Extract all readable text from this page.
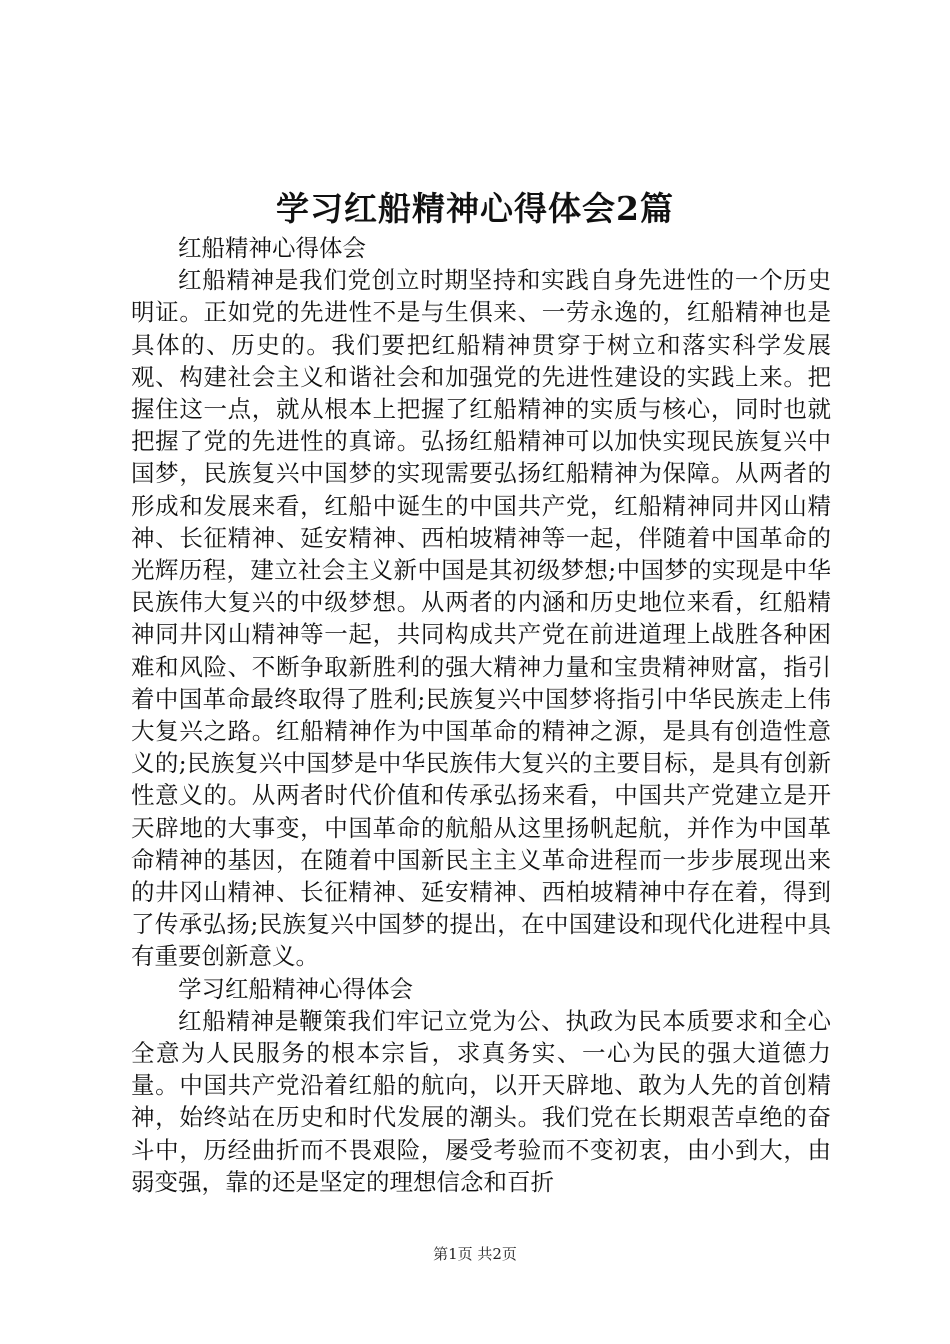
学习红船精神心得体会2篇

红船精神心得体会

红船精神是我们党创立时期坚持和实践自身先进性的一个历史明证。正如党的先进性不是与生俱来、一劳永逸的，红船精神也是具体的、历史的。我们要把红船精神贯穿于树立和落实科学发展观、构建社会主义和谐社会和加强党的先进性建设的实践上来。把握住这一点，就从根本上把握了红船精神的实质与核心，同时也就把握了党的先进性的真谛。弘扬红船精神可以加快实现民族复兴中国梦，民族复兴中国梦的实现需要弘扬红船精神为保障。从两者的形成和发展来看，红船中诞生的中国共产党，红船精神同井冈山精神、长征精神、延安精神、西柏坡精神等一起，伴随着中国革命的光辉历程，建立社会主义新中国是其初级梦想;中国梦的实现是中华民族伟大复兴的中级梦想。从两者的内涵和历史地位来看，红船精神同井冈山精神等一起，共同构成共产党在前进道理上战胜各种困难和风险、不断争取新胜利的强大精神力量和宝贵精神财富，指引着中国革命最终取得了胜利;民族复兴中国梦将指引中华民族走上伟大复兴之路。红船精神作为中国革命的精神之源，是具有创造性意义的;民族复兴中国梦是中华民族伟大复兴的主要目标，是具有创新性意义的。从两者时代价值和传承弘扬来看，中国共产党建立是开天辟地的大事变，中国革命的航船从这里扬帆起航，并作为中国革命精神的基因，在随着中国新民主主义革命进程而一步步展现出来的井冈山精神、长征精神、延安精神、西柏坡精神中存在着，得到了传承弘扬;民族复兴中国梦的提出，在中国建设和现代化进程中具有重要创新意义。

学习红船精神心得体会

红船精神是鞭策我们牢记立党为公、执政为民本质要求和全心全意为人民服务的根本宗旨，求真务实、一心为民的强大道德力量。中国共产党沿着红船的航向，以开天辟地、敢为人先的首创精神，始终站在历史和时代发展的潮头。我们党在长期艰苦卓绝的奋斗中，历经曲折而不畏艰险，屡受考验而不变初衷，由小到大，由弱变强，靠的还是坚定的理想信念和百折

第1页 共2页
